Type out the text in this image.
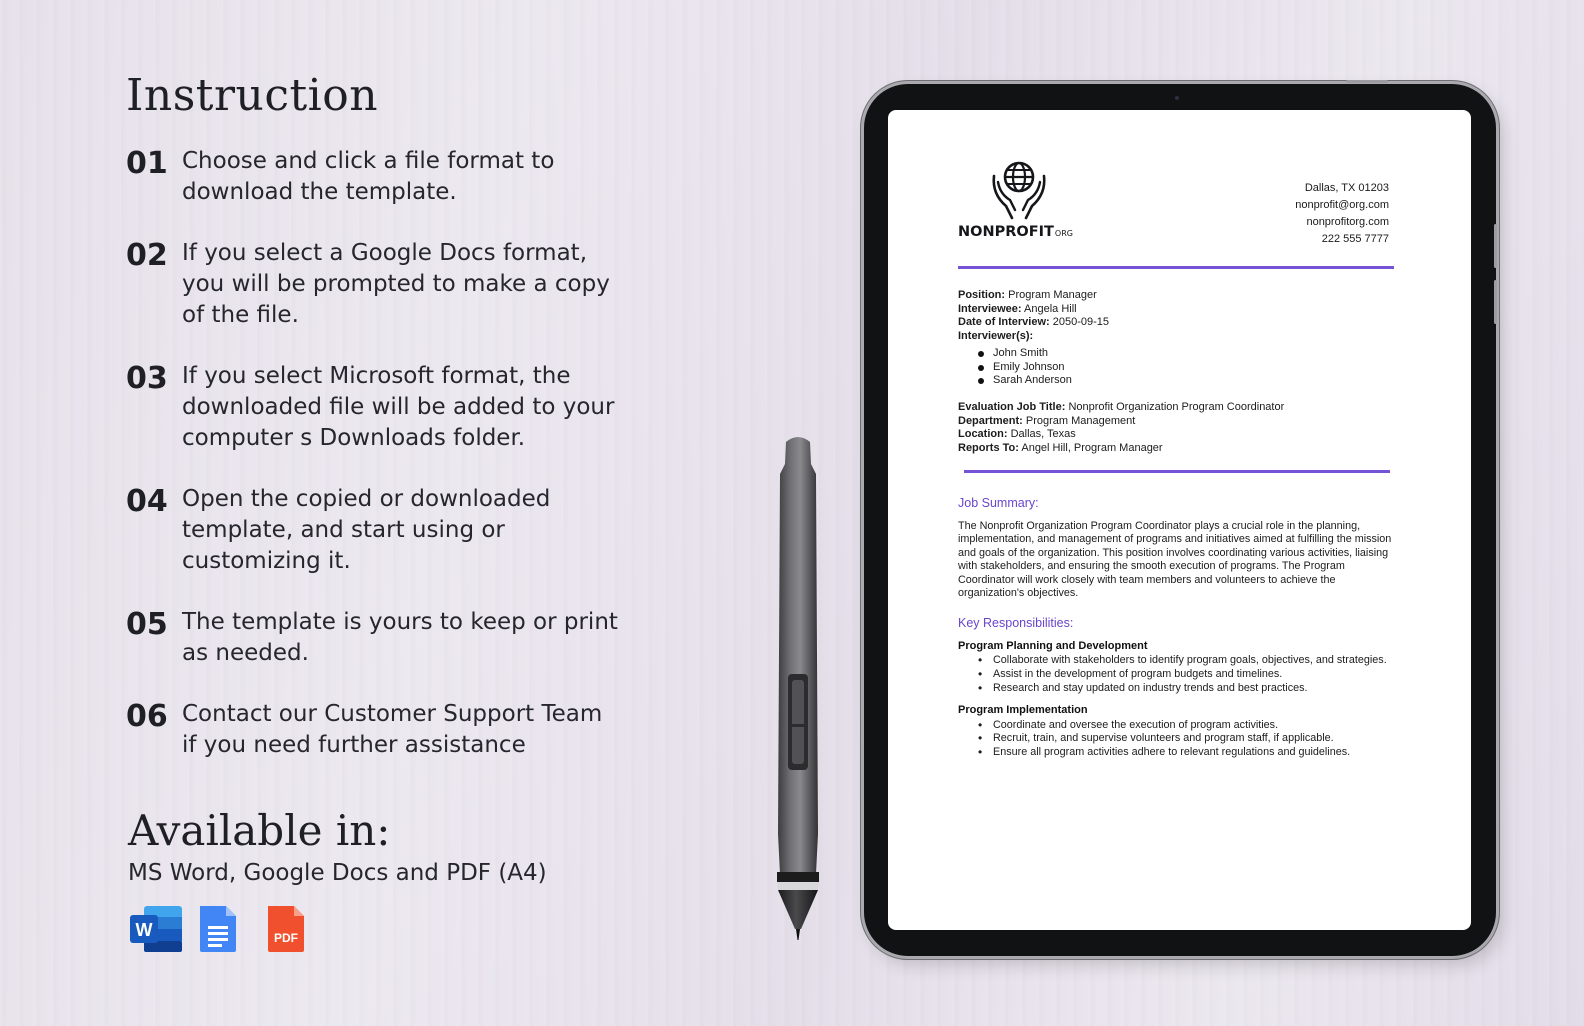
Instruction
01 Choose and click a file format to download the template.
02 If you select a Google Docs format, you will be prompted to make a copy of the file.
03 If you select Microsoft format, the downloaded file will be added to your computer s Downloads folder.
04 Open the copied or downloaded template, and start using or customizing it.
05 The template is yours to keep or print as needed.
06 Contact our Customer Support Team if you need further assistance
Available in:
MS Word, Google Docs and PDF (A4)
W	PDF
NONPROFITORG
Dallas, TX 01203
nonprofit@org.com
nonprofitorg.com
222 555 7777
Position: Program Manager
Interviewee: Angela Hill
Date of Interview: 2050-09-15
Interviewer(s):
John Smith
Emily Johnson
Sarah Anderson
Evaluation Job Title: Nonprofit Organization Program Coordinator
Department: Program Management
Location: Dallas, Texas
Reports To: Angel Hill, Program Manager
Job Summary:
The Nonprofit Organization Program Coordinator plays a crucial role in the planning, implementation, and management of programs and initiatives aimed at fulfilling the mission and goals of the organization. This position involves coordinating various activities, liaising with stakeholders, and ensuring the smooth execution of programs. The Program Coordinator will work closely with team members and volunteers to achieve the organization's objectives.
Key Responsibilities:
Program Planning and Development
• Collaborate with stakeholders to identify program goals, objectives, and strategies.
• Assist in the development of program budgets and timelines.
• Research and stay updated on industry trends and best practices.
Program Implementation
• Coordinate and oversee the execution of program activities.
• Recruit, train, and supervise volunteers and program staff, if applicable.
• Ensure all program activities adhere to relevant regulations and guidelines.
